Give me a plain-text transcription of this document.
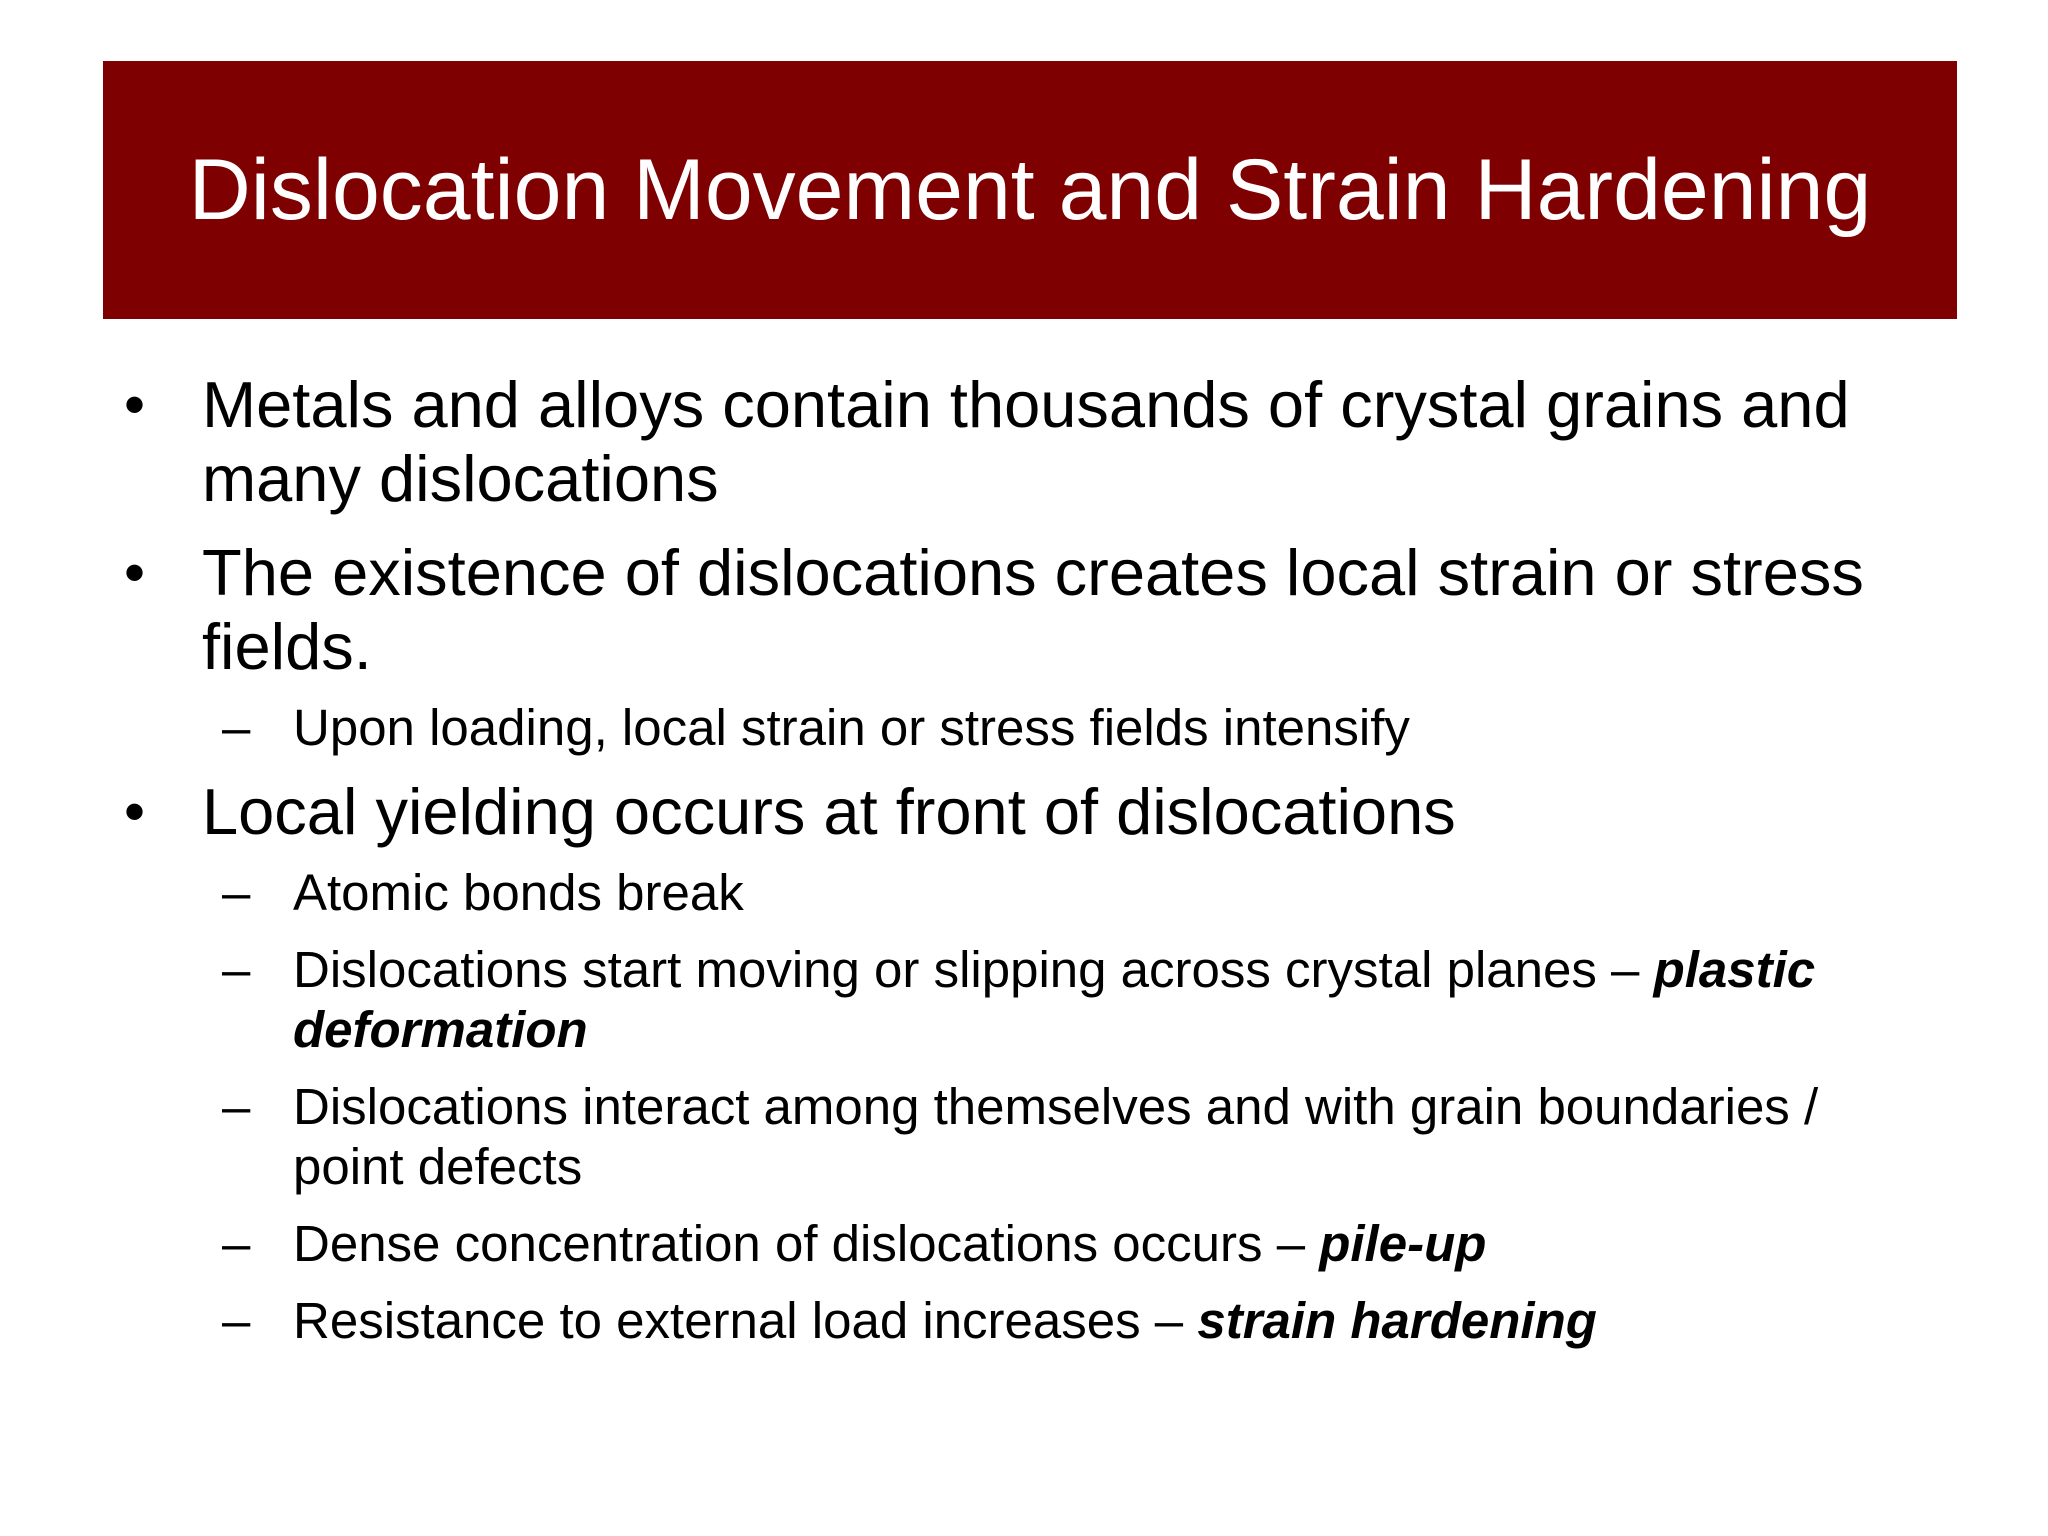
Dislocation Movement and Strain Hardening
• Metals and alloys contain thousands of crystal grains and many dislocations
• The existence of dislocations creates local strain or stress fields.
– Upon loading, local strain or stress fields intensify
• Local yielding occurs at front of dislocations
– Atomic bonds break
– Dislocations start moving or slipping across crystal planes – plastic deformation
– Dislocations interact among themselves and with grain boundaries / point defects
– Dense concentration of dislocations occurs – pile-up
– Resistance to external load increases – strain hardening
